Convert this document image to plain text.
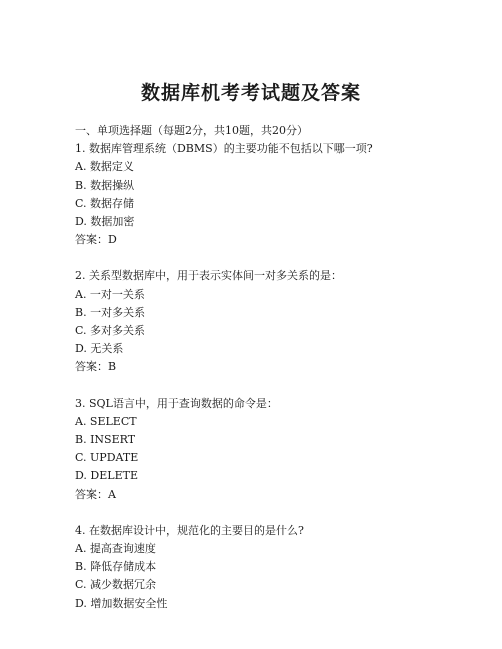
数据库机考考试题及答案
一、单项选择题（每题2分，共10题，共20分）
1. 数据库管理系统（DBMS）的主要功能不包括以下哪一项?
A. 数据定义
B. 数据操纵
C. 数据存储
D. 数据加密
答案：D
2. 关系型数据库中，用于表示实体间一对多关系的是：
A. 一对一关系
B. 一对多关系
C. 多对多关系
D. 无关系
答案：B
3. SQL语言中，用于查询数据的命令是：
A. SELECT
B. INSERT
C. UPDATE
D. DELETE
答案：A
4. 在数据库设计中，规范化的主要目的是什么?
A. 提高查询速度
B. 降低存储成本
C. 减少数据冗余
D. 增加数据安全性
